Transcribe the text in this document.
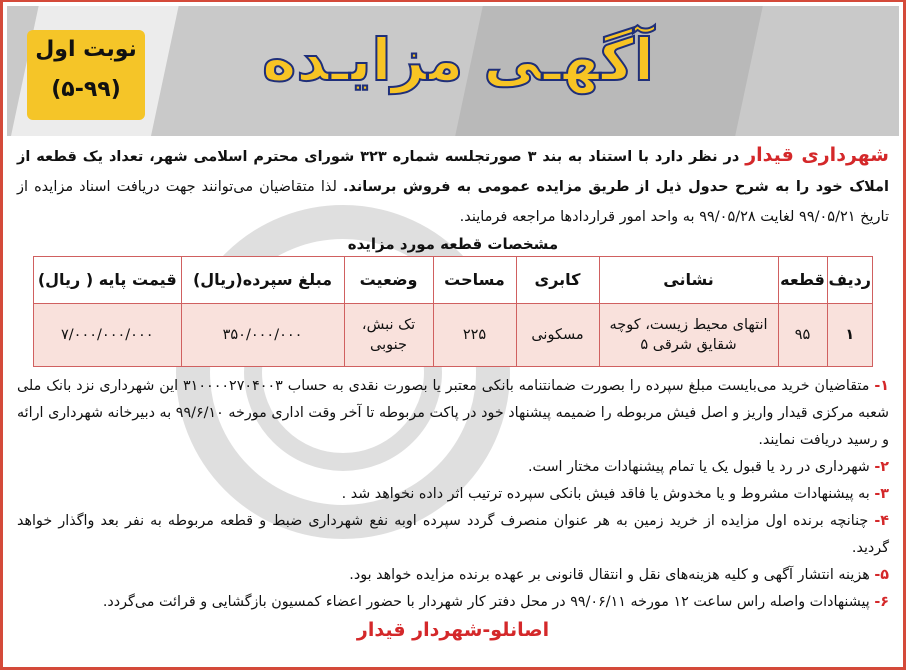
نوبت اول
(۵-۹۹)	آگهـی مزایـده
شهرداری قیدار در نظر دارد با استناد به بند ۳ صورتجلسه شماره ۳۲۳ شورای محترم اسلامی شهر، تعداد یک قطعه از املاک خود را به شرح حدول ذیل از طریق مزایده عمومی به فروش برساند. لذا متقاضیان می‌توانند جهت دریافت اسناد مزایده از تاریخ ۹۹/۰۵/۲۱ لغایت ۹۹/۰۵/۲۸ به واحد امور قراردادها مراجعه فرمایند.
مشخصات قطعه مورد مزایده
ردیف	قطعه	نشانی	کابری	مساحت	وضعیت	مبلغ سپرده(ریال)	قیمت پایه ( ریال)
۱	۹۵	انتهای محیط زیست، کوچه شقایق شرقی ۵	مسکونی	۲۲۵	تک نبش، جنوبی	۳۵۰/۰۰۰/۰۰۰	۷/۰۰۰/۰۰۰/۰۰۰
۱- متقاضیان خرید می‌بایست مبلغ سپرده را بصورت ضمانتنامه بانکی معتبر یا بصورت نقدی به حساب ۳۱۰۰۰۰۲۷۰۴۰۰۳ این شهرداری نزد بانک ملی شعبه مرکزی قیدار واریز و اصل فیش مربوطه را ضمیمه پیشنهاد خود در پاکت مربوطه تا آخر وقت اداری مورخه ۹۹/۶/۱۰ به دبیرخانه شهرداری ارائه و رسید دریافت نمایند.
۲- شهرداری در رد یا قبول یک یا تمام پیشنهادات مختار است.
۳- به پیشنهادات مشروط و یا مخدوش یا فاقد فیش بانکی سپرده ترتیب اثر داده نخواهد شد .
۴- چنانچه برنده اول مزایده از خرید زمین به هر عنوان منصرف گردد سپرده اوبه نفع شهرداری ضبط و قطعه مربوطه به نفر بعد واگذار خواهد گردید.
۵- هزینه انتشار آگهی و کلیه هزینه‌های نقل و انتقال قانونی بر عهده برنده مزایده خواهد بود.
۶- پیشنهادات واصله راس ساعت ۱۲ مورخه ۹۹/۰۶/۱۱ در محل دفتر کار شهردار با حضور اعضاء کمسیون بازگشایی و قرائت می‌گردد.
اصانلو-شهردار قیدار
